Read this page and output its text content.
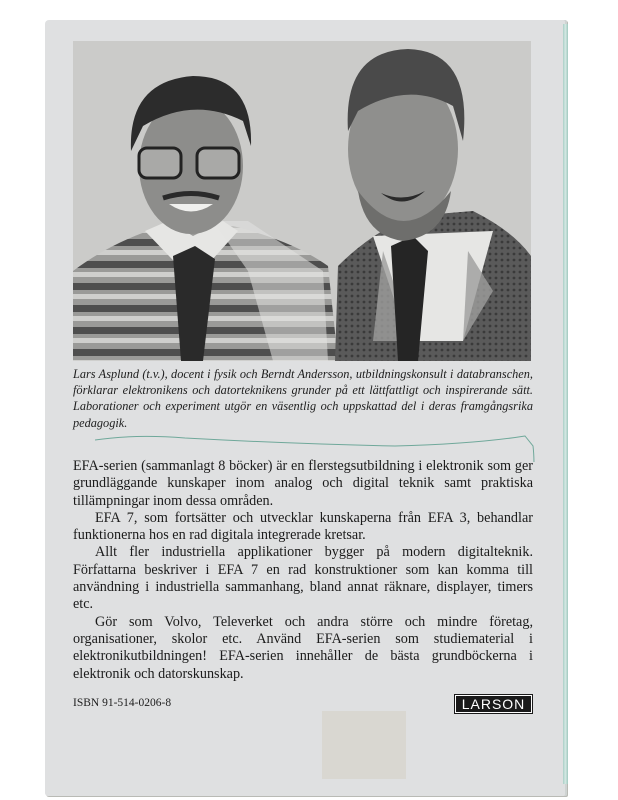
Lars Asplund (t.v.), docent i fysik och Berndt Andersson, utbildningskonsult i databranschen, förklarar elektronikens och datorteknikens grunder på ett lättfattligt och inspirerande sätt. Laborationer och experiment utgör en väsentlig och uppskattad del i deras framgångsrika pedagogik.

EFA-serien (sammanlagt 8 böcker) är en flerstegsutbildning i elektronik som ger grundläggande kunskaper inom analog och digital teknik samt praktiska tillämpningar inom dessa områden.

EFA 7, som fortsätter och utvecklar kunskaperna från EFA 3, behandlar funktionerna hos en rad digitala integrerade kretsar.

Allt fler industriella applikationer bygger på modern digitalteknik. Författarna beskriver i EFA 7 en rad konstruktioner som kan komma till användning i industriella sammanhang, bland annat räknare, displayer, timers etc.

Gör som Volvo, Televerket och andra större och mindre företag, organisationer, skolor etc. Använd EFA-serien som studiematerial i elektronikutbildningen! EFA-serien innehåller de bästa grundböckerna i elektronik och datorskunskap.

ISBN 91-514-0206-8	LARSON
